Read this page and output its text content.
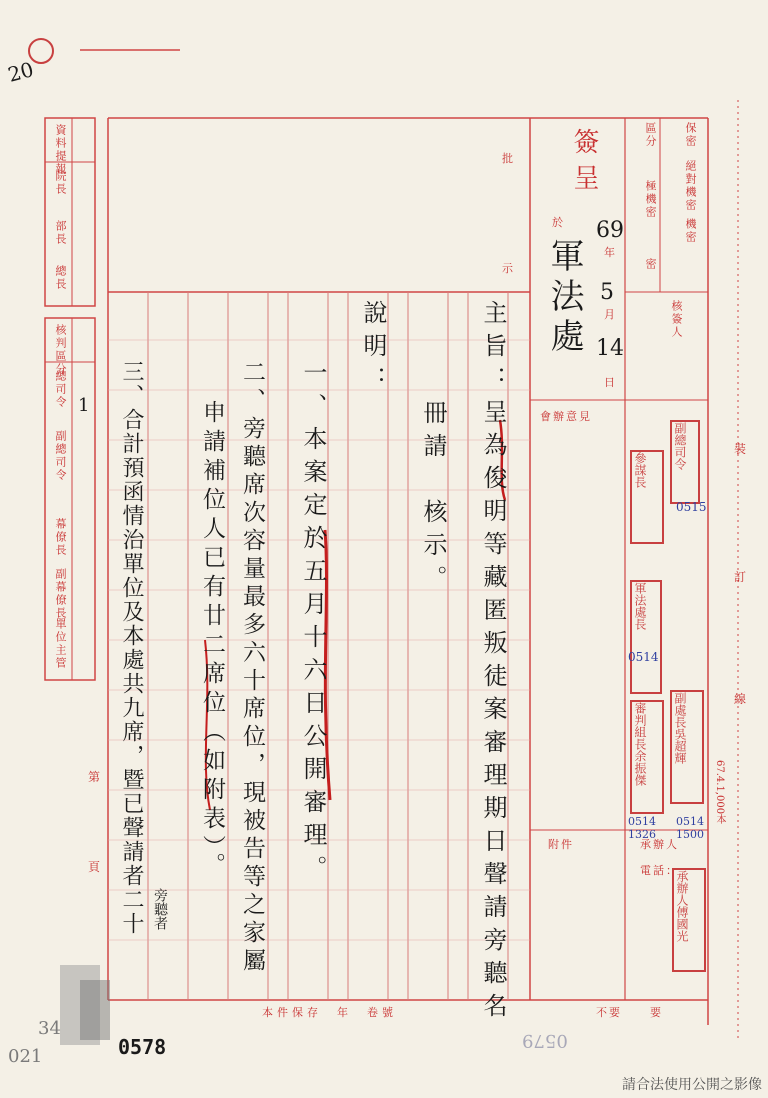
20
資料提報
院長
部長
總長
核判區分
總司令
副總司令
幕僚長
副幕僚長
單位主管
1
第
頁
簽呈
於
批
示 軍法處
69
年
5
月
14
日
保密
區分
絕對機密
極機密
機密
密
核簽人
會辦意見
承辦人
附件
電話：
要
不要
本件保存　年　卷號
67.4.1,000本
裝
訂
線
主旨：呈為俊明等藏匿叛徒案審理期日聲請旁聽名
冊請　核示。
說明：
一、本案定於五月十六日公開審理。
二、旁聽席次容量最多六十席位，現被告等之家屬
申請補位人已有廿二席位（如附表）。
三、合計預函情治單位及本處共九席，暨已聲請者二十 旁聽者
副總司令
參謀長
軍法處長
副處長吳超輝
審判組長余振傑
承辦人傅國光
0515
0514
0514 1326
0514 1500
0578
34
021
0579
請合法使用公開之影像
